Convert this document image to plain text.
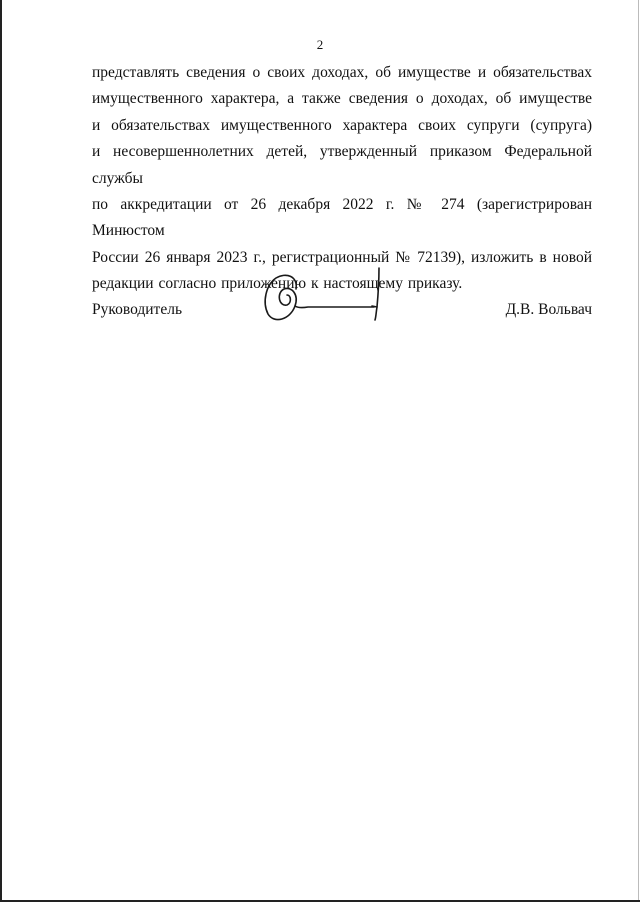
2

представлять сведения о своих доходах, об имуществе и обязательствах
имущественного характера, а также сведения о доходах, об имуществе
и обязательствах имущественного характера своих супруги (супруга)
и несовершеннолетних детей, утвержденный приказом Федеральной службы
по аккредитации от 26 декабря 2022 г. № 274 (зарегистрирован Минюстом
России 26 января 2023 г., регистрационный № 72139), изложить в новой
редакции согласно приложению к настоящему приказу.

Руководитель	Д.В. Вольвач
